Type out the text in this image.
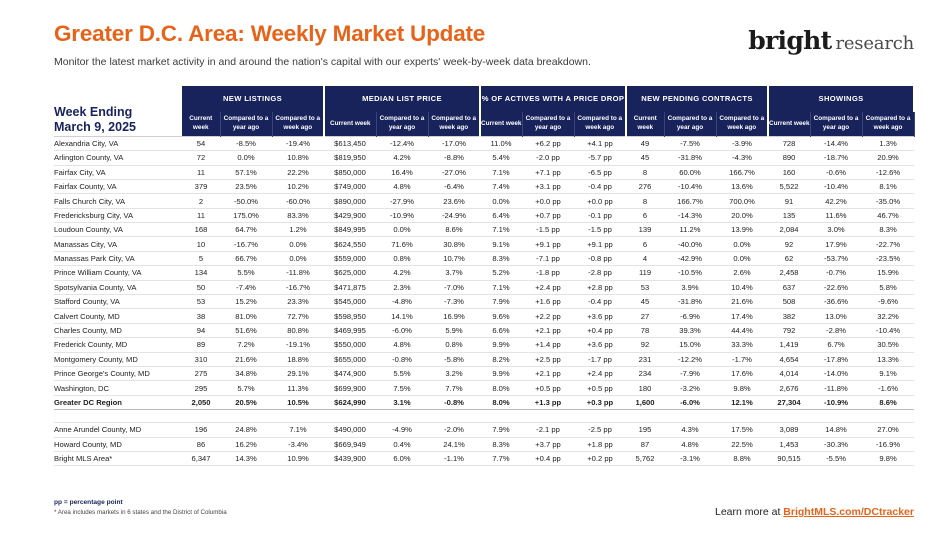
Greater D.C. Area: Weekly Market Update

Monitor the latest market activity in and around the nation's capital with our experts' week-by-week data breakdown.

bright research
Week Ending
March 9, 2025	NEW LISTINGS			MEDIAN LIST PRICE			% OF ACTIVES WITH A PRICE DROP			NEW PENDING CONTRACTS			SHOWINGS		
	Current week	Compared to a year ago	Compared to a week ago	Current week	Compared to a year ago	Compared to a week ago	Current week	Compared to a year ago	Compared to a week ago	Current week	Compared to a year ago	Compared to a week ago	Current week	Compared to a year ago	Compared to a week ago
Alexandria City, VA	54	-8.5%	-19.4%	$613,450	-12.4%	-17.0%	11.0%	+6.2 pp	+4.1 pp	49	-7.5%	-3.9%	728	-14.4%	1.3%
Arlington County, VA	72	0.0%	10.8%	$819,950	4.2%	-8.8%	5.4%	-2.0 pp	-5.7 pp	45	-31.8%	-4.3%	890	-18.7%	20.9%
Fairfax City, VA	11	57.1%	22.2%	$850,000	16.4%	-27.0%	7.1%	+7.1 pp	-6.5 pp	8	60.0%	166.7%	160	-0.6%	-12.6%
Fairfax County, VA	379	23.5%	10.2%	$749,000	4.8%	-6.4%	7.4%	+3.1 pp	-0.4 pp	276	-10.4%	13.6%	5,522	-10.4%	8.1%
Falls Church City, VA	2	-50.0%	-60.0%	$890,000	-27.9%	23.6%	0.0%	+0.0 pp	+0.0 pp	8	166.7%	700.0%	91	42.2%	-35.0%
Fredericksburg City, VA	11	175.0%	83.3%	$429,900	-10.9%	-24.9%	6.4%	+0.7 pp	-0.1 pp	6	-14.3%	20.0%	135	11.6%	46.7%
Loudoun County, VA	168	64.7%	1.2%	$849,995	0.0%	8.6%	7.1%	-1.5 pp	-1.5 pp	139	11.2%	13.9%	2,084	3.0%	8.3%
Manassas City, VA	10	-16.7%	0.0%	$624,550	71.6%	30.8%	9.1%	+9.1 pp	+9.1 pp	6	-40.0%	0.0%	92	17.9%	-22.7%
Manassas Park City, VA	5	66.7%	0.0%	$559,000	0.8%	10.7%	8.3%	-7.1 pp	-0.8 pp	4	-42.9%	0.0%	62	-53.7%	-23.5%
Prince William County, VA	134	5.5%	-11.8%	$625,000	4.2%	3.7%	5.2%	-1.8 pp	-2.8 pp	119	-10.5%	2.6%	2,458	-0.7%	15.9%
Spotsylvania County, VA	50	-7.4%	-16.7%	$471,875	2.3%	-7.0%	7.1%	+2.4 pp	+2.8 pp	53	3.9%	10.4%	637	-22.6%	5.8%
Stafford County, VA	53	15.2%	23.3%	$545,000	-4.8%	-7.3%	7.9%	+1.6 pp	-0.4 pp	45	-31.8%	21.6%	508	-36.6%	-9.6%
Calvert County, MD	38	81.0%	72.7%	$598,950	14.1%	16.9%	9.6%	+2.2 pp	+3.6 pp	27	-6.9%	17.4%	382	13.0%	32.2%
Charles County, MD	94	51.6%	80.8%	$469,995	-6.0%	5.9%	6.6%	+2.1 pp	+0.4 pp	78	39.3%	44.4%	792	-2.8%	-10.4%
Frederick County, MD	89	7.2%	-19.1%	$550,000	4.8%	0.8%	9.9%	+1.4 pp	+3.6 pp	92	15.0%	33.3%	1,419	6.7%	30.5%
Montgomery County, MD	310	21.6%	18.8%	$655,000	-0.8%	-5.8%	8.2%	+2.5 pp	-1.7 pp	231	-12.2%	-1.7%	4,654	-17.8%	13.3%
Prince George's County, MD	275	34.8%	29.1%	$474,900	5.5%	3.2%	9.9%	+2.1 pp	+2.4 pp	234	-7.9%	17.6%	4,014	-14.0%	9.1%
Washington, DC	295	5.7%	11.3%	$699,900	7.5%	7.7%	8.0%	+0.5 pp	+0.5 pp	180	-3.2%	9.8%	2,676	-11.8%	-1.6%
Greater DC Region	2,050	20.5%	10.5%	$624,990	3.1%	-0.8%	8.0%	+1.3 pp	+0.3 pp	1,600	-6.0%	12.1%	27,304	-10.9%	8.6%

Anne Arundel County, MD	196	24.8%	7.1%	$490,000	-4.9%	-2.0%	7.9%	-2.1 pp	-2.5 pp	195	4.3%	17.5%	3,089	14.8%	27.0%
Howard County, MD	86	16.2%	-3.4%	$669,949	0.4%	24.1%	8.3%	+3.7 pp	+1.8 pp	87	4.8%	22.5%	1,453	-30.3%	-16.9%
Bright MLS Area*	6,347	14.3%	10.9%	$439,900	6.0%	-1.1%	7.7%	+0.4 pp	+0.2 pp	5,762	-3.1%	8.8%	90,515	-5.5%	9.8%
pp = percentage point
* Area includes markets in 6 states and the District of Columbia	Learn more at BrightMLS.com/DCtracker
